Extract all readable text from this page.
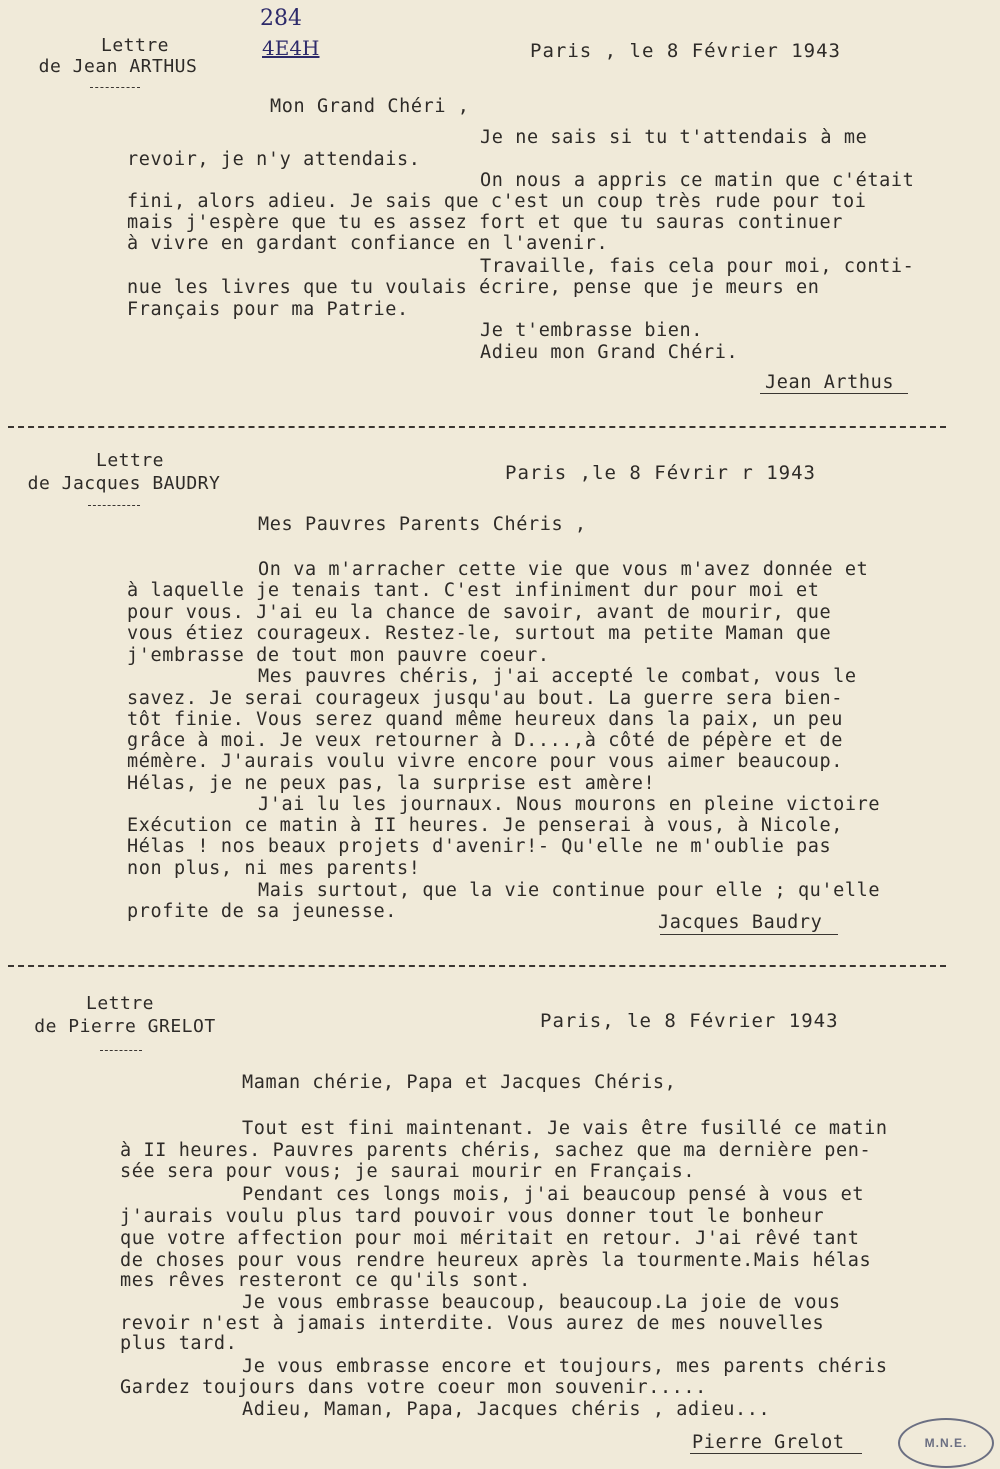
284
4E4H
Lettre
de Jean ARTHUS
Paris , le 8 Février 1943
Mon Grand Chéri ,
Je ne sais si tu t'attendais à me
revoir, je n'y attendais.
On nous a appris ce matin que c'était
fini, alors adieu. Je sais que c'est un coup très rude pour toi
mais j'espère que tu es assez fort et que tu sauras continuer
à vivre en gardant confiance en l'avenir.
Travaille, fais cela pour moi, conti-
nue les livres que tu voulais écrire, pense que je meurs en
Français pour ma Patrie.
Je t'embrasse bien.
Adieu mon Grand Chéri.
Jean Arthus
Lettre
de Jacques BAUDRY	Paris ,le 8 Févrir r 1943
Mes Pauvres Parents Chéris ,
On va m'arracher cette vie que vous m'avez donnée et
à laquelle je tenais tant. C'est infiniment dur pour moi et
pour vous. J'ai eu la chance de savoir, avant de mourir, que
vous étiez courageux. Restez-le, surtout ma petite Maman que
j'embrasse de tout mon pauvre coeur.
Mes pauvres chéris, j'ai accepté le combat, vous le
savez. Je serai courageux jusqu'au bout. La guerre sera bien-
tôt finie. Vous serez quand même heureux dans la paix, un peu
grâce à moi. Je veux retourner à D....,à côté de pépère et de
mémère. J'aurais voulu vivre encore pour vous aimer beaucoup.
Hélas, je ne peux pas, la surprise est amère!
J'ai lu les journaux. Nous mourons en pleine victoire
Exécution ce matin à II heures. Je penserai à vous, à Nicole,
Hélas ! nos beaux projets d'avenir!- Qu'elle ne m'oublie pas
non plus, ni mes parents!
Mais surtout, que la vie continue pour elle ; qu'elle
profite de sa jeunesse.
Jacques Baudry
Lettre
de Pierre GRELOT	Paris, le 8 Février 1943
Maman chérie, Papa et Jacques Chéris,
Tout est fini maintenant. Je vais être fusillé ce matin
à II heures. Pauvres parents chéris, sachez que ma dernière pen-
sée sera pour vous; je saurai mourir en Français.
Pendant ces longs mois, j'ai beaucoup pensé à vous et
j'aurais voulu plus tard pouvoir vous donner tout le bonheur
que votre affection pour moi méritait en retour. J'ai rêvé tant
de choses pour vous rendre heureux après la tourmente.Mais hélas
mes rêves resteront ce qu'ils sont.
Je vous embrasse beaucoup, beaucoup.La joie de vous
revoir n'est à jamais interdite. Vous aurez de mes nouvelles
plus tard.
Je vous embrasse encore et toujours, mes parents chéris
Gardez toujours dans votre coeur mon souvenir.....
Adieu, Maman, Papa, Jacques chéris , adieu...
Pierre Grelot	M.N.E.
